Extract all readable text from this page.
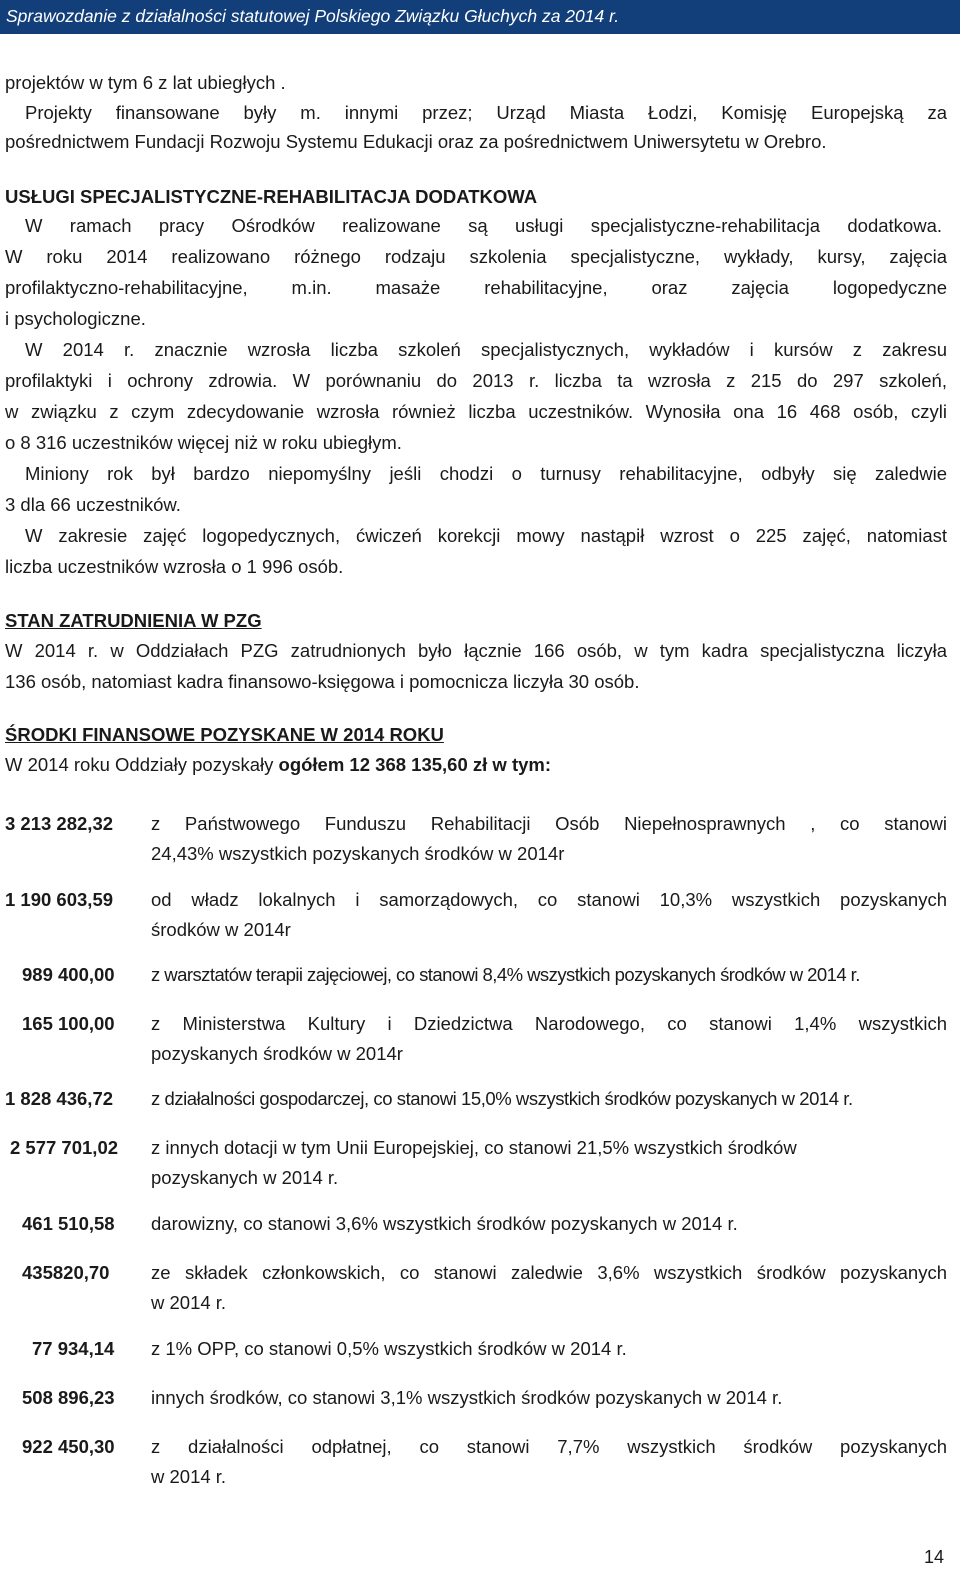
Sprawozdanie z działalności statutowej Polskiego Związku Głuchych za 2014 r.
projektów w tym 6 z lat ubiegłych .
Projekty finansowane były m. innymi przez; Urząd Miasta Łodzi, Komisję Europejską za
pośrednictwem Fundacji Rozwoju Systemu Edukacji oraz za pośrednictwem Uniwersytetu w Orebro.
USŁUGI SPECJALISTYCZNE-REHABILITACJA DODATKOWA
W ramach pracy Ośrodków realizowane są usługi specjalistyczne-rehabilitacja dodatkowa.
W roku 2014 realizowano różnego rodzaju szkolenia specjalistyczne, wykłady, kursy, zajęcia
profilaktyczno-rehabilitacyjne, m.in. masaże rehabilitacyjne, oraz zajęcia logopedyczne
i psychologiczne.
W 2014 r. znacznie wzrosła liczba szkoleń specjalistycznych, wykładów i kursów z zakresu
profilaktyki i ochrony zdrowia. W porównaniu do 2013 r. liczba ta wzrosła z 215 do 297 szkoleń,
w związku z czym zdecydowanie wzrosła również liczba uczestników. Wynosiła ona 16 468 osób, czyli
o 8 316 uczestników więcej niż w roku ubiegłym.
Miniony rok był bardzo niepomyślny jeśli chodzi o turnusy rehabilitacyjne, odbyły się zaledwie
3 dla 66 uczestników.
W zakresie zajęć logopedycznych, ćwiczeń korekcji mowy nastąpił wzrost o 225 zajęć, natomiast
liczba uczestników wzrosła o 1 996 osób.
STAN ZATRUDNIENIA W PZG
W 2014 r. w Oddziałach PZG zatrudnionych było łącznie 166 osób, w tym kadra specjalistyczna liczyła
136 osób, natomiast kadra finansowo-księgowa i pomocnicza liczyła 30 osób.
ŚRODKI FINANSOWE POZYSKANE W 2014 ROKU
W 2014 roku Oddziały pozyskały ogółem 12 368 135,60 zł w tym:
3 213 282,32 z Państwowego Funduszu Rehabilitacji Osób Niepełnosprawnych , co stanowi
24,43% wszystkich pozyskanych środków w 2014r
1 190 603,59 od władz lokalnych i samorządowych, co stanowi 10,3% wszystkich pozyskanych
środków w 2014r
989 400,00 z warsztatów terapii zajęciowej, co stanowi 8,4% wszystkich pozyskanych środków w 2014 r.
165 100,00 z Ministerstwa Kultury i Dziedzictwa Narodowego, co stanowi 1,4% wszystkich
pozyskanych środków w 2014r
1 828 436,72 z działalności gospodarczej, co stanowi 15,0% wszystkich środków pozyskanych w 2014 r.
2 577 701,02 z innych dotacji w tym Unii Europejskiej, co stanowi 21,5% wszystkich środków
pozyskanych w 2014 r.
461 510,58 darowizny, co stanowi 3,6% wszystkich środków pozyskanych w 2014 r.
435820,70 ze składek członkowskich, co stanowi zaledwie 3,6% wszystkich środków pozyskanych
w 2014 r.
77 934,14 z 1% OPP, co stanowi 0,5% wszystkich środków w 2014 r.
508 896,23 innych środków, co stanowi 3,1% wszystkich środków pozyskanych w 2014 r.
922 450,30 z działalności odpłatnej, co stanowi 7,7% wszystkich środków pozyskanych
w 2014 r.
14
